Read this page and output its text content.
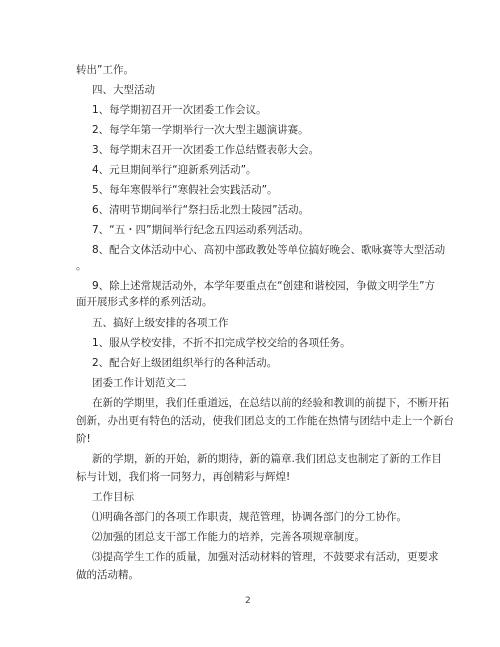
转出”工作。
四、大型活动
1、每学期初召开一次团委工作会议。
2、每学年第一学期举行一次大型主题演讲赛。
3、每学期末召开一次团委工作总结暨表彰大会。
4、元旦期间举行“迎新系列活动”。
5、每年寒假举行“寒假社会实践活动”。
6、清明节期间举行“祭扫岳北烈士陵园”活动。
7、“五・四”期间举行纪念五四运动系列活动。
8、配合文体活动中心、高初中部政教处等单位搞好晚会、歌咏赛等大型活动
。
9、除上述常规活动外，本学年要重点在“创建和谐校园，争做文明学生”方
面开展形式多样的系列活动。
五、搞好上级安排的各项工作
1、服从学校安排，不折不扣完成学校交给的各项任务。
2、配合好上级团组织举行的各种活动。
团委工作计划范文二
在新的学期里，我们任重道远，在总结以前的经验和教训的前提下，不断开拓
创新，办出更有特色的活动，使我们团总支的工作能在热情与团结中走上一个新台
阶!
新的学期，新的开始，新的期待，新的篇章.我们团总支也制定了新的工作目
标与计划，我们将一同努力，再创精彩与辉煌!
工作目标
⑴明确各部门的各项工作职责，规范管理，协调各部门的分工协作。
⑵加强的团总支干部工作能力的培养，完善各项规章制度。
⑶提高学生工作的质量，加强对活动材料的管理，不鼓要求有活动，更要求
做的活动精。
2
